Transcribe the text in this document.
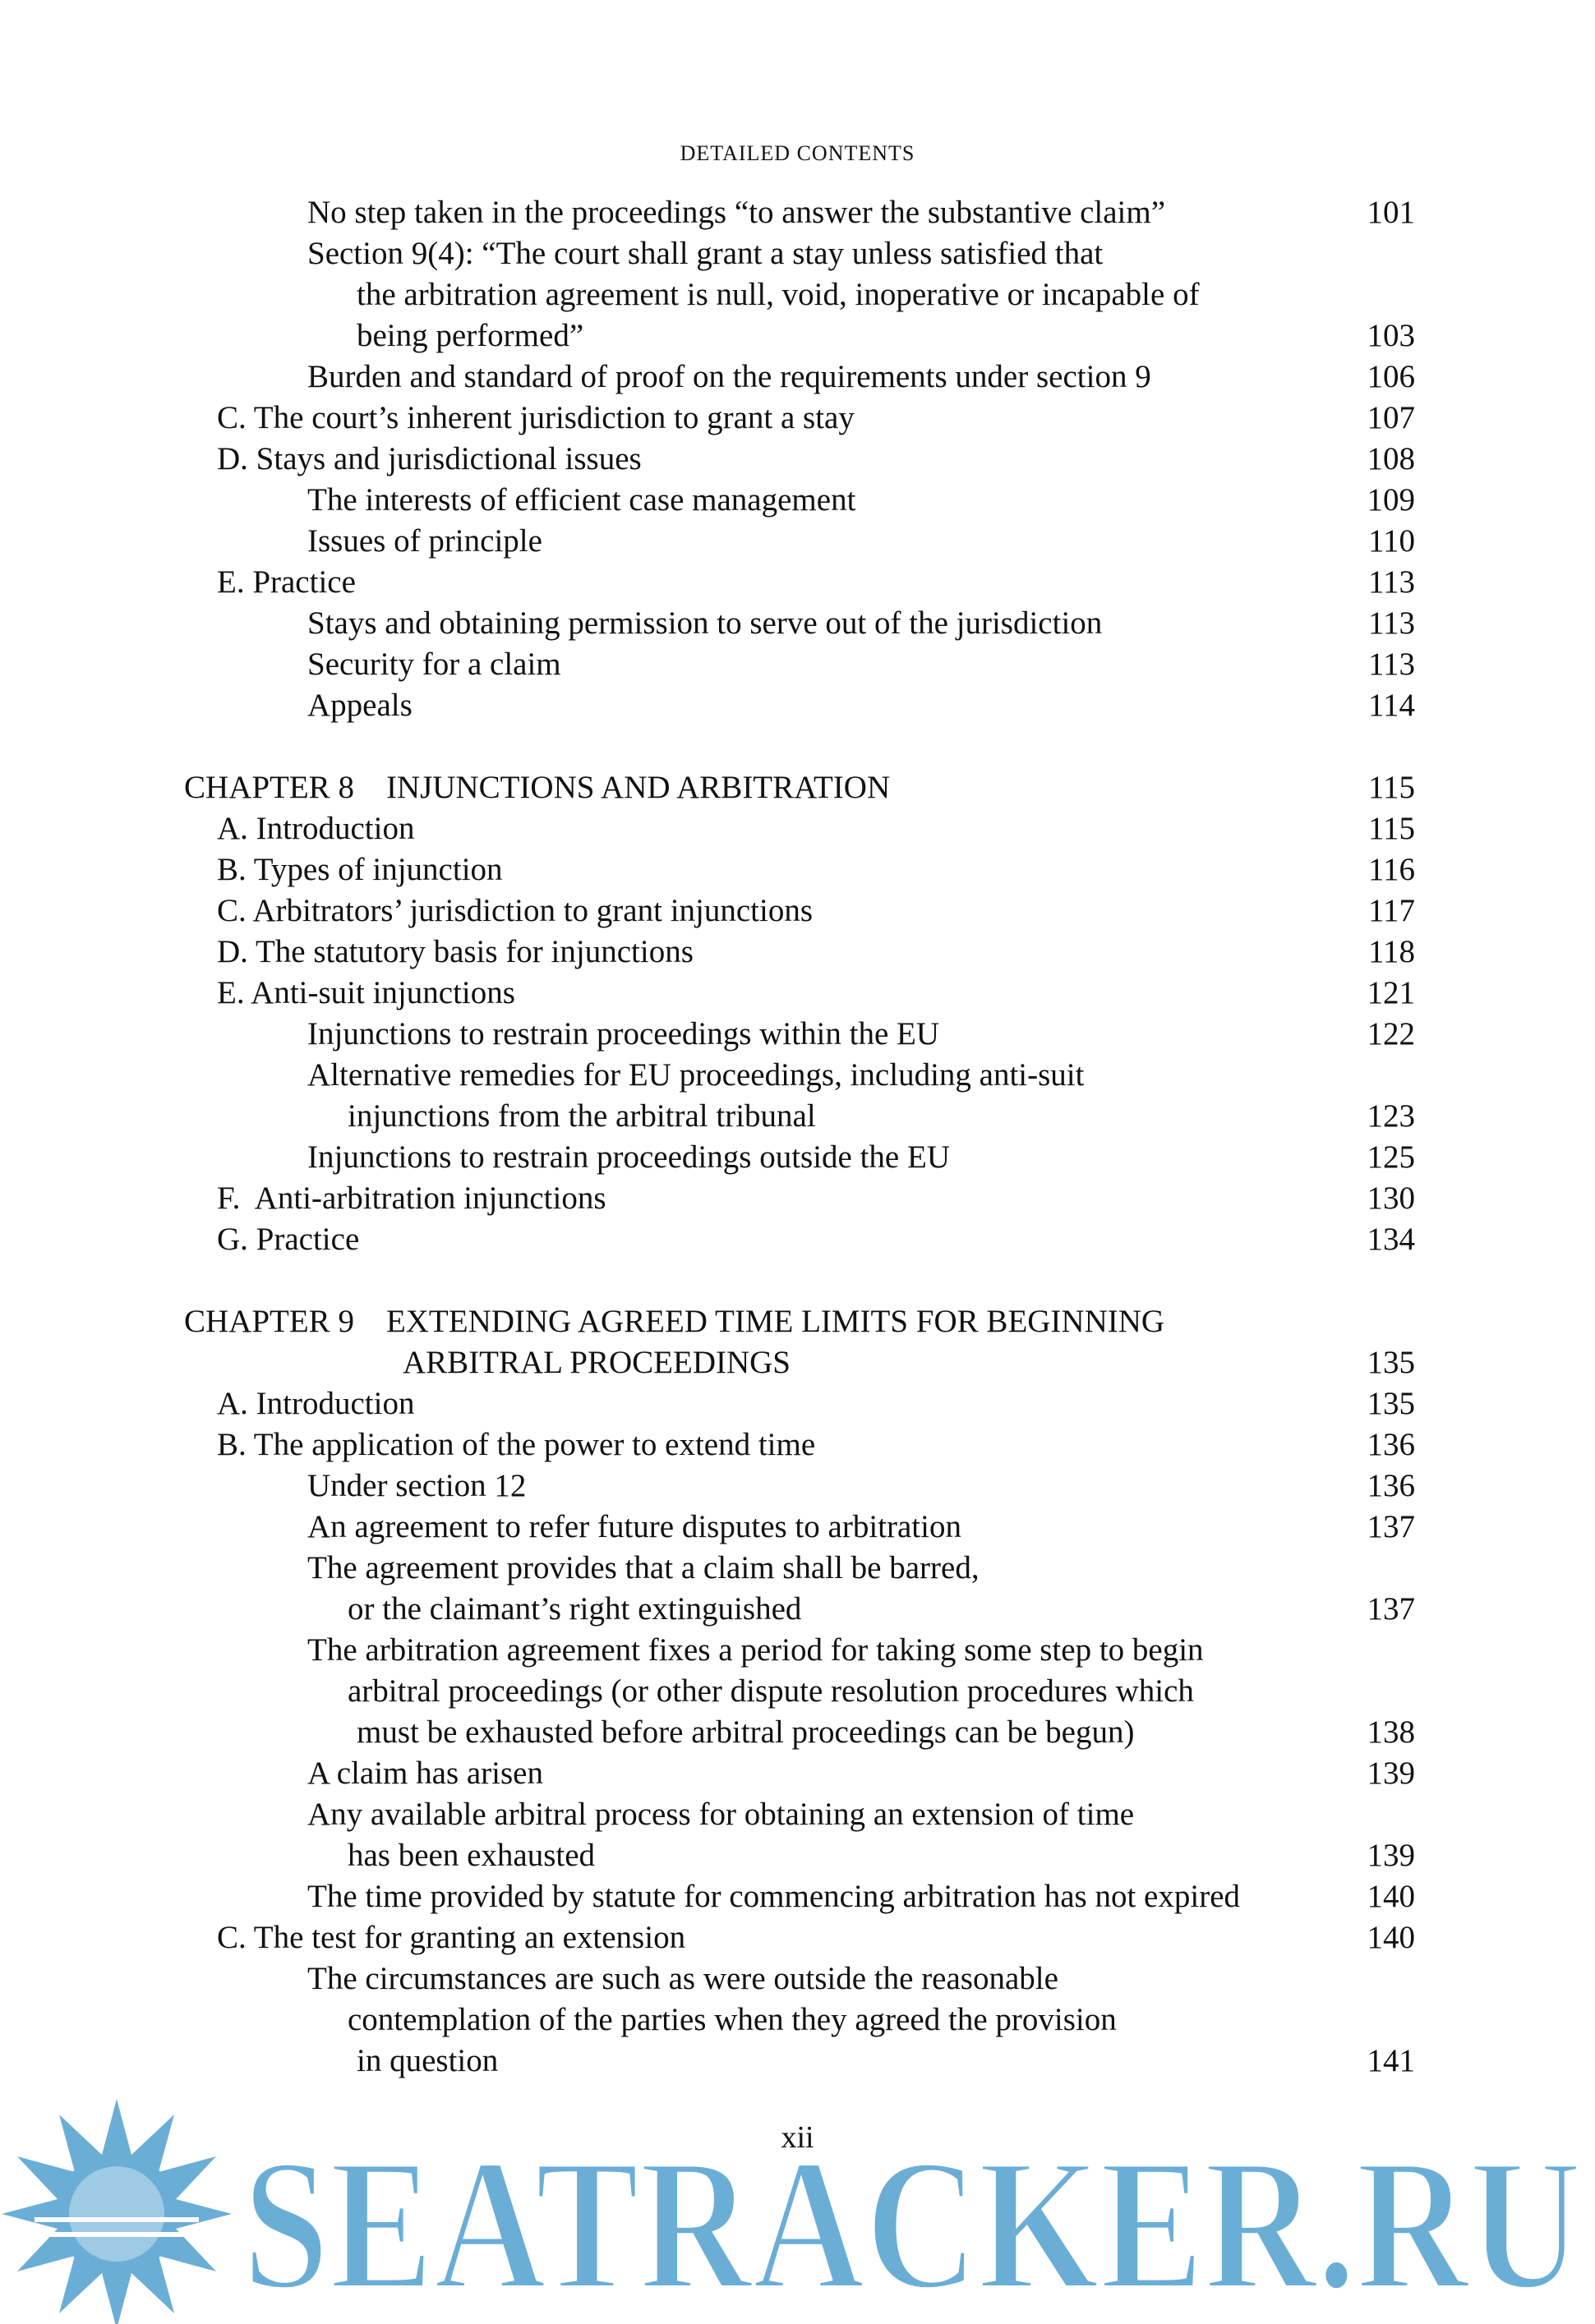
DETAILED CONTENTS
No step taken in the proceedings “to answer the substantive claim”	101
Section 9(4): “The court shall grant a stay unless satisfied that
the arbitration agreement is null, void, inoperative or incapable of
being performed”	103
Burden and standard of proof on the requirements under section 9	106
C. The court’s inherent jurisdiction to grant a stay	107
D. Stays and jurisdictional issues	108
The interests of efficient case management	109
Issues of principle	110
E. Practice	113
Stays and obtaining permission to serve out of the jurisdiction	113
Security for a claim	113
Appeals	114
CHAPTER 8    INJUNCTIONS AND ARBITRATION	115
A. Introduction	115
B. Types of injunction	116
C. Arbitrators’ jurisdiction to grant injunctions	117
D. The statutory basis for injunctions	118
E. Anti-suit injunctions	121
Injunctions to restrain proceedings within the EU	122
Alternative remedies for EU proceedings, including anti-suit
injunctions from the arbitral tribunal	123
Injunctions to restrain proceedings outside the EU	125
F.  Anti-arbitration injunctions	130
G. Practice	134
CHAPTER 9    EXTENDING AGREED TIME LIMITS FOR BEGINNING
ARBITRAL PROCEEDINGS	135
A. Introduction	135
B. The application of the power to extend time	136
Under section 12	136
An agreement to refer future disputes to arbitration	137
The agreement provides that a claim shall be barred,
or the claimant’s right extinguished	137
The arbitration agreement fixes a period for taking some step to begin
arbitral proceedings (or other dispute resolution procedures which
must be exhausted before arbitral proceedings can be begun)	138
A claim has arisen	139
Any available arbitral process for obtaining an extension of time
has been exhausted	139
The time provided by statute for commencing arbitration has not expired	140
C. The test for granting an extension	140
The circumstances are such as were outside the reasonable
contemplation of the parties when they agreed the provision
in question	141
xii
SEATRACKER.RU
